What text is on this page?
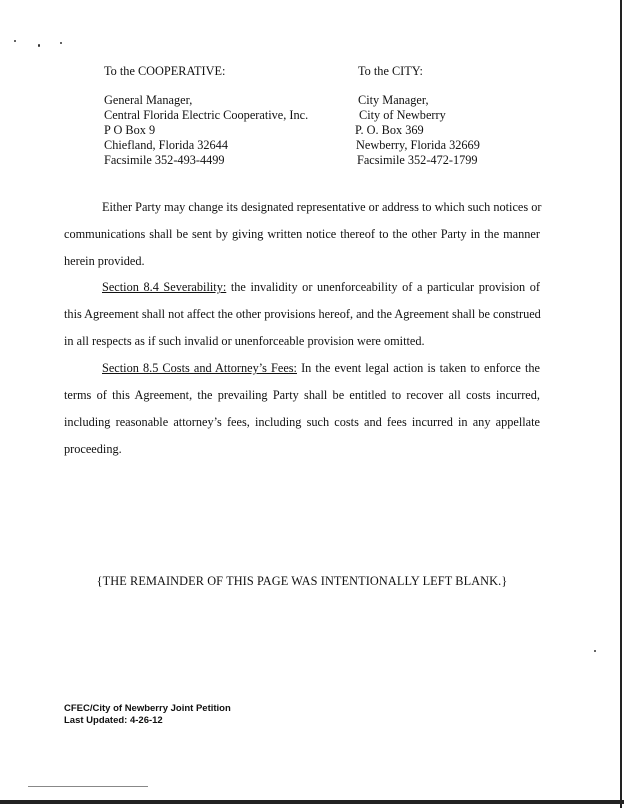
To the COOPERATIVE:
General Manager,
Central Florida Electric Cooperative, Inc.
P O Box 9
Chiefland, Florida 32644
Facsimile 352-493-4499
To the CITY:
City Manager,
City of Newberry
P. O. Box 369
Newberry, Florida 32669
Facsimile 352-472-1799
Either Party may change its designated representative or address to which such notices or
communications shall be sent by giving written notice thereof to the other Party in the manner
herein provided.
Section 8.4 Severability: the invalidity or unenforceability of a particular provision of
this Agreement shall not affect the other provisions hereof, and the Agreement shall be construed
in all respects as if such invalid or unenforceable provision were omitted.
Section 8.5 Costs and Attorney’s Fees: In the event legal action is taken to enforce the
terms of this Agreement, the prevailing Party shall be entitled to recover all costs incurred,
including reasonable attorney’s fees, including such costs and fees incurred in any appellate
proceeding.
{THE REMAINDER OF THIS PAGE WAS INTENTIONALLY LEFT BLANK.}
CFEC/City of Newberry Joint Petition
Last Updated: 4-26-12
